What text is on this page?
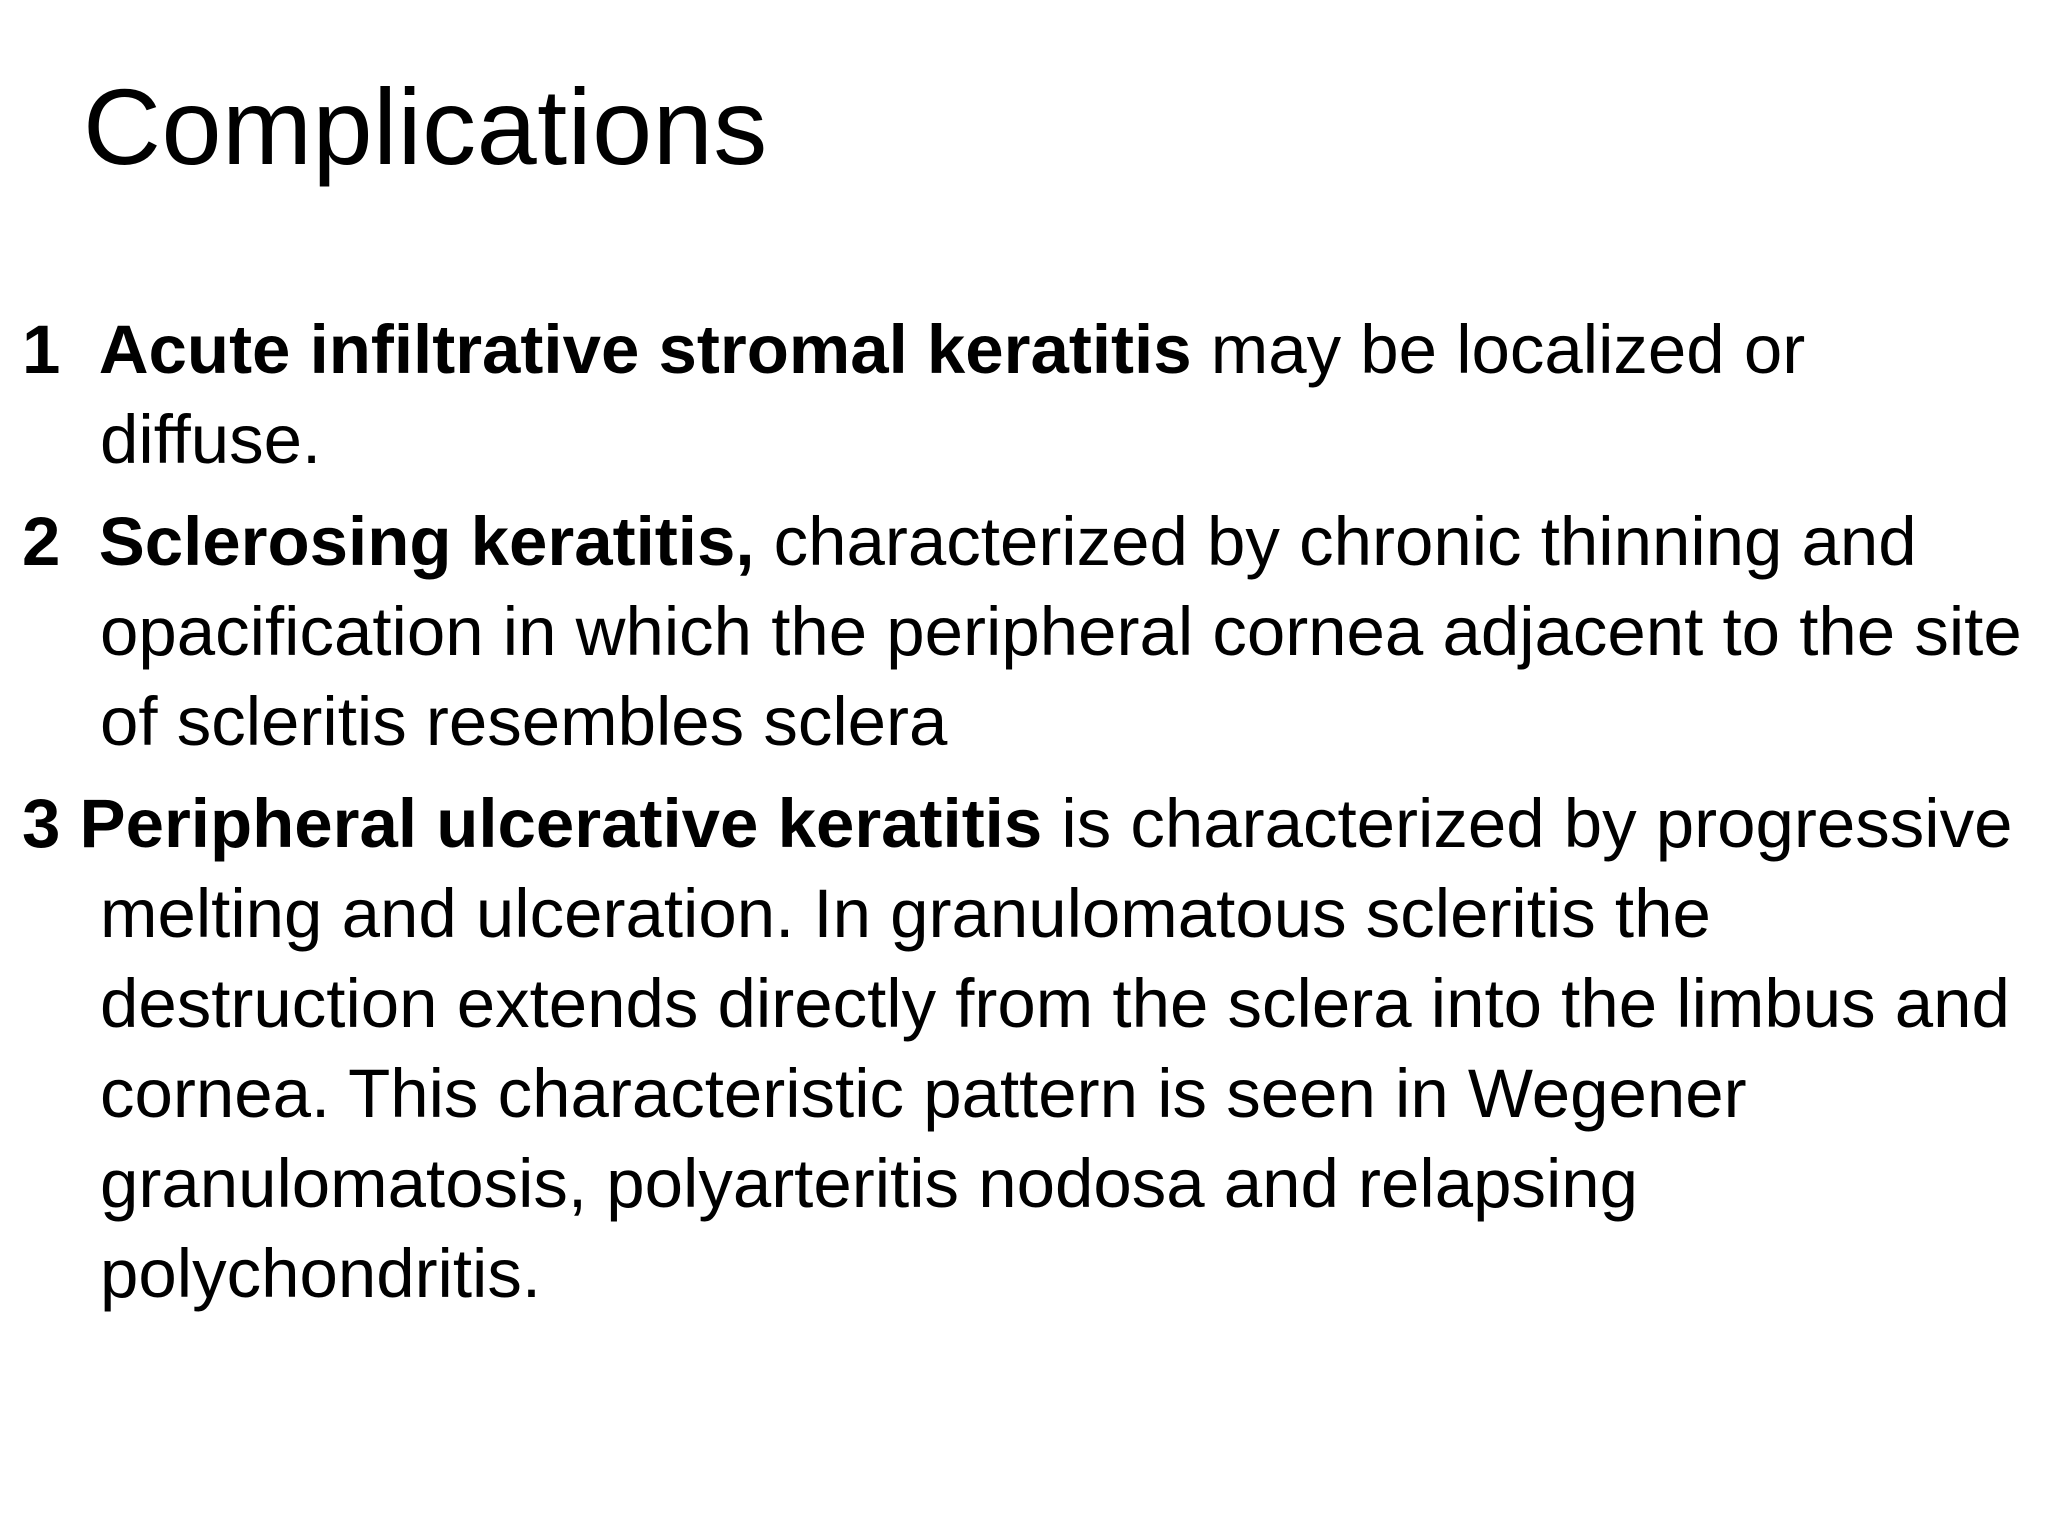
Complications

1 Acute infiltrative stromal keratitis may be localized or diffuse.

2 Sclerosing keratitis, characterized by chronic thinning and opacification in which the peripheral cornea adjacent to the site of scleritis resembles sclera

3 Peripheral ulcerative keratitis is characterized by progressive melting and ulceration. In granulomatous scleritis the destruction extends directly from the sclera into the limbus and cornea. This characteristic pattern is seen in Wegener granulomatosis, polyarteritis nodosa and relapsing polychondritis.
